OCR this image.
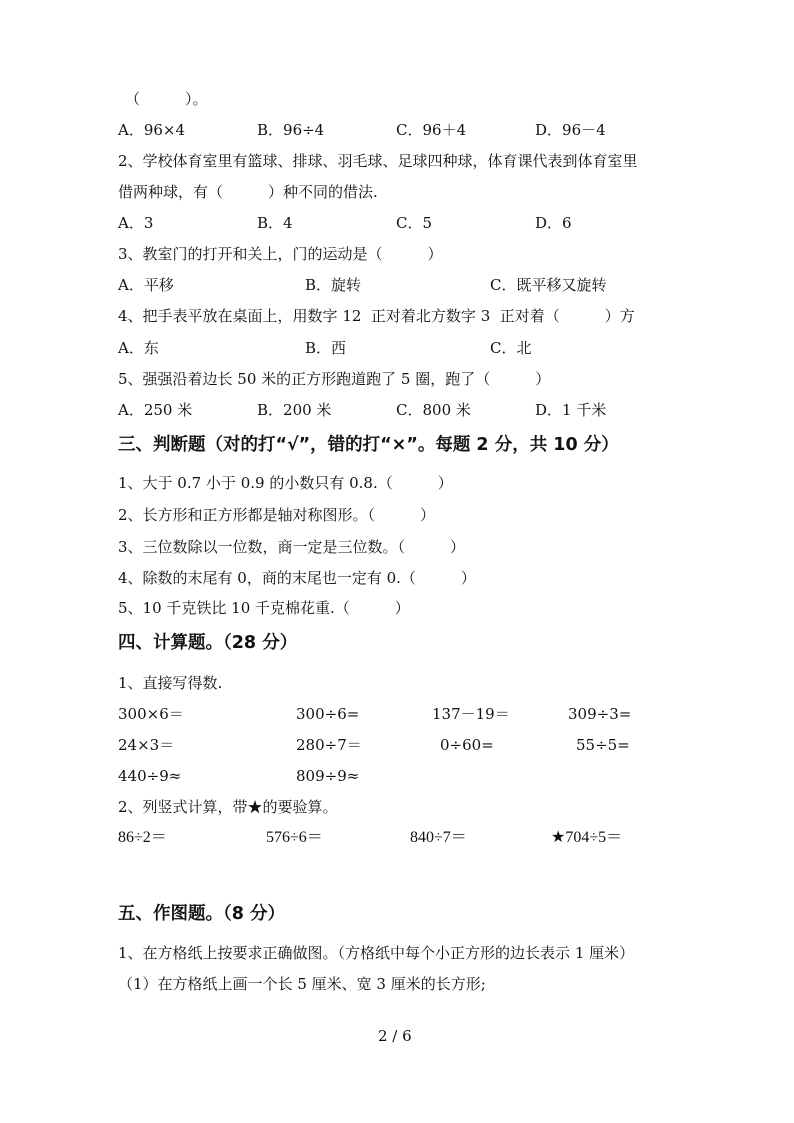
（　　　）。
A．96×4	B．96÷4	C．96＋4	D．96－4
2、学校体育室里有篮球、排球、羽毛球、足球四种球，体育课代表到体育室里
借两种球，有（　　　）种不同的借法.
A．3	B．4	C．5	D．6
3、教室门的打开和关上，门的运动是（　　　）
A．平移	B．旋转	C．既平移又旋转
4、把手表平放在桌面上，用数字 12  正对着北方数字 3  正对着（　　　）方
A．东	B．西	C．北
5、强强沿着边长 50 米的正方形跑道跑了 5 圈，跑了（　　　）
A．250 米	B．200 米	C．800 米	D．1 千米
三、判断题（对的打“√”，错的打“×”。每题 2 分，共 10 分）
1、大于 0.7 小于 0.9 的小数只有 0.8.（　　　）
2、长方形和正方形都是轴对称图形。（　　　）
3、三位数除以一位数，商一定是三位数。（　　　）
4、除数的末尾有 0，商的末尾也一定有 0.（　　　）
5、10 千克铁比 10 千克棉花重.（　　　）
四、计算题。（28 分）
1、直接写得数.
300×6＝	300÷6=	137－19＝	309÷3=
24×3＝	280÷7＝	0÷60=	55÷5=
440÷9≈	809÷9≈
2、列竖式计算，带★的要验算。
86÷2＝	576÷6＝	840÷7＝	★704÷5＝
五、作图题。（8 分）
1、在方格纸上按要求正确做图。（方格纸中每个小正方形的边长表示 1 厘米）
（1）在方格纸上画一个长 5 厘米、宽 3 厘米的长方形;
2 / 6
